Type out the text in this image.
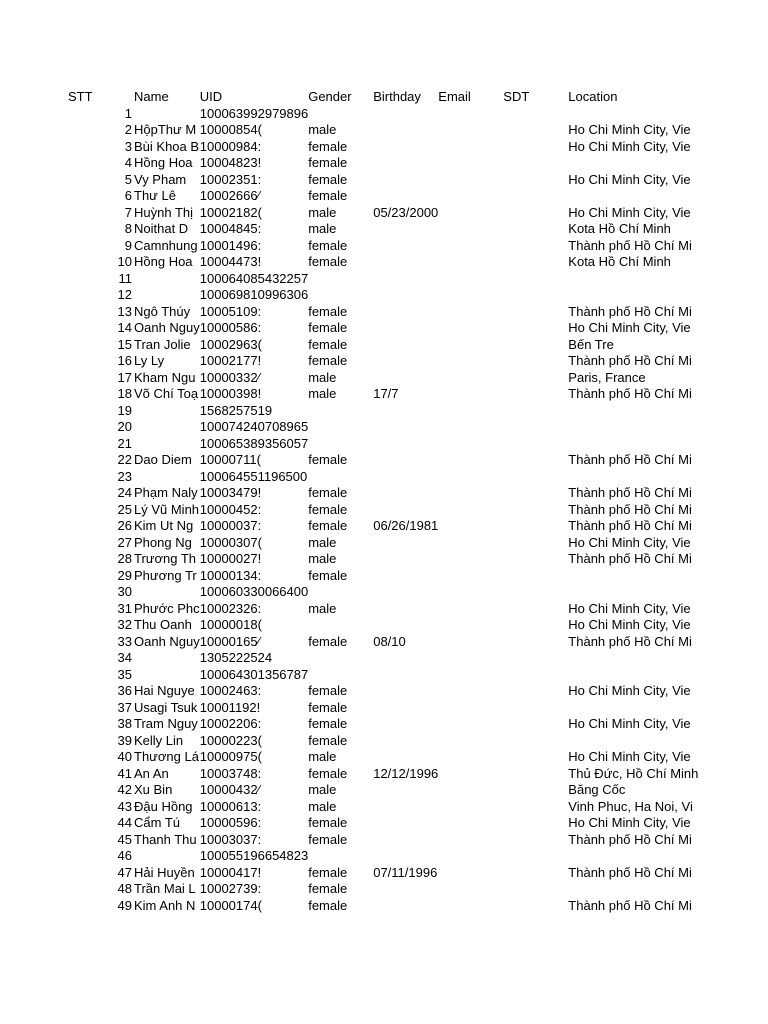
STT	Name	UID	Gender	Birthday	Email	SDT	Location
1		100063992979896					
2	HộpThư M	10000854(	male				Ho Chi Minh City, Vie
3	Bùi Khoa B	10000984:	female				Ho Chi Minh City, Vie
4	Hồng Hoa	10004823!	female				
5	Vy Pham	10002351:	female				Ho Chi Minh City, Vie
6	Thư Lê	10002666⁄	female				
7	Huỳnh Thị	10002182(	male	05/23/2000			Ho Chi Minh City, Vie
8	Noithat D	10004845:	male				Kota Hồ Chí Minh
9	Camnhung	10001496:	female				Thành phố Hồ Chí Mi
10	Hồng Hoa	10004473!	female				Kota Hồ Chí Minh
11		100064085432257					
12		100069810996306					
13	Ngô Thúy	10005109:	female				Thành phố Hồ Chí Mi
14	Oanh Nguy	10000586:	female				Ho Chi Minh City, Vie
15	Tran Jolie	10002963(	female				Bến Tre
16	Ly Ly	10002177!	female				Thành phố Hồ Chí Mi
17	Kham Ngu	10000332⁄	male				Paris, France
18	Võ Chí Toạ	10000398!	male	17/7			Thành phố Hồ Chí Mi
19		1568257519					
20		100074240708965					
21		100065389356057					
22	Dao Diem	10000711(	female				Thành phố Hồ Chí Mi
23		100064551196500					
24	Phạm Naly	10003479!	female				Thành phố Hồ Chí Mi
25	Lý Vũ Minh	10000452:	female				Thành phố Hồ Chí Mi
26	Kim Ut Ng	10000037:	female	06/26/1981			Thành phố Hồ Chí Mi
27	Phong Ng	10000307(	male				Ho Chi Minh City, Vie
28	Trương Th	10000027!	male				Thành phố Hồ Chí Mi
29	Phương Tr	10000134:	female				
30		100060330066400					
31	Phước Phc	10002326:	male				Ho Chi Minh City, Vie
32	Thu Oanh	10000018(					Ho Chi Minh City, Vie
33	Oanh Nguy	10000165⁄	female	08/10			Thành phố Hồ Chí Mi
34		1305222524					
35		100064301356787					
36	Hai Nguye	10002463:	female				Ho Chi Minh City, Vie
37	Usagi Tsuk	10001192!	female				
38	Tram Nguy	10002206:	female				Ho Chi Minh City, Vie
39	Kelly Lin	10000223(	female				
40	Thương Lá	10000975(	male				Ho Chi Minh City, Vie
41	An An	10003748:	female	12/12/1996			Thủ Đức, Hồ Chí Minh
42	Xu Bin	10000432⁄	male				Băng Cốc
43	Đậu Hồng	10000613:	male				Vinh Phuc, Ha Noi, Vi
44	Cẩm Tú	10000596:	female				Ho Chi Minh City, Vie
45	Thanh Thu	10003037:	female				Thành phố Hồ Chí Mi
46		100055196654823					
47	Hải Huyền	10000417!	female	07/11/1996			Thành phố Hồ Chí Mi
48	Trần Mai L	10002739:	female				
49	Kim Anh N	10000174(	female				Thành phố Hồ Chí Mi
